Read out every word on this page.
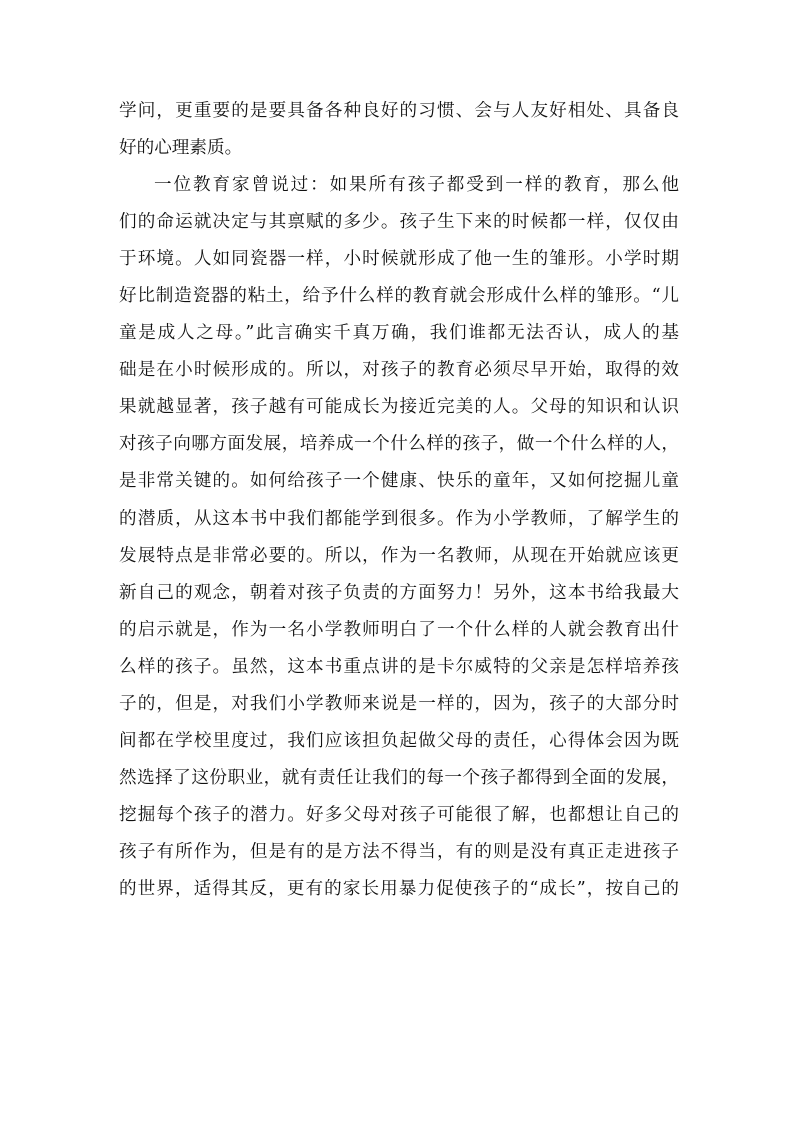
学问，更重要的是要具备各种良好的习惯、会与人友好相处、具备良
好的心理素质。
一位教育家曾说过：如果所有孩子都受到一样的教育，那么他
们的命运就决定与其禀赋的多少。孩子生下来的时候都一样，仅仅由
于环境。人如同瓷器一样，小时候就形成了他一生的雏形。小学时期
好比制造瓷器的粘土，给予什么样的教育就会形成什么样的雏形。“儿
童是成人之母。”此言确实千真万确，我们谁都无法否认，成人的基
础是在小时候形成的。所以，对孩子的教育必须尽早开始，取得的效
果就越显著，孩子越有可能成长为接近完美的人。父母的知识和认识
对孩子向哪方面发展，培养成一个什么样的孩子，做一个什么样的人，
是非常关键的。如何给孩子一个健康、快乐的童年，又如何挖掘儿童
的潜质，从这本书中我们都能学到很多。作为小学教师，了解学生的
发展特点是非常必要的。所以，作为一名教师，从现在开始就应该更
新自己的观念，朝着对孩子负责的方面努力！另外，这本书给我最大
的启示就是，作为一名小学教师明白了一个什么样的人就会教育出什
么样的孩子。虽然，这本书重点讲的是卡尔威特的父亲是怎样培养孩
子的，但是，对我们小学教师来说是一样的，因为，孩子的大部分时
间都在学校里度过，我们应该担负起做父母的责任，心得体会因为既
然选择了这份职业，就有责任让我们的每一个孩子都得到全面的发展，
挖掘每个孩子的潜力。好多父母对孩子可能很了解，也都想让自己的
孩子有所作为，但是有的是方法不得当，有的则是没有真正走进孩子
的世界，适得其反，更有的家长用暴力促使孩子的“成长”，按自己的
